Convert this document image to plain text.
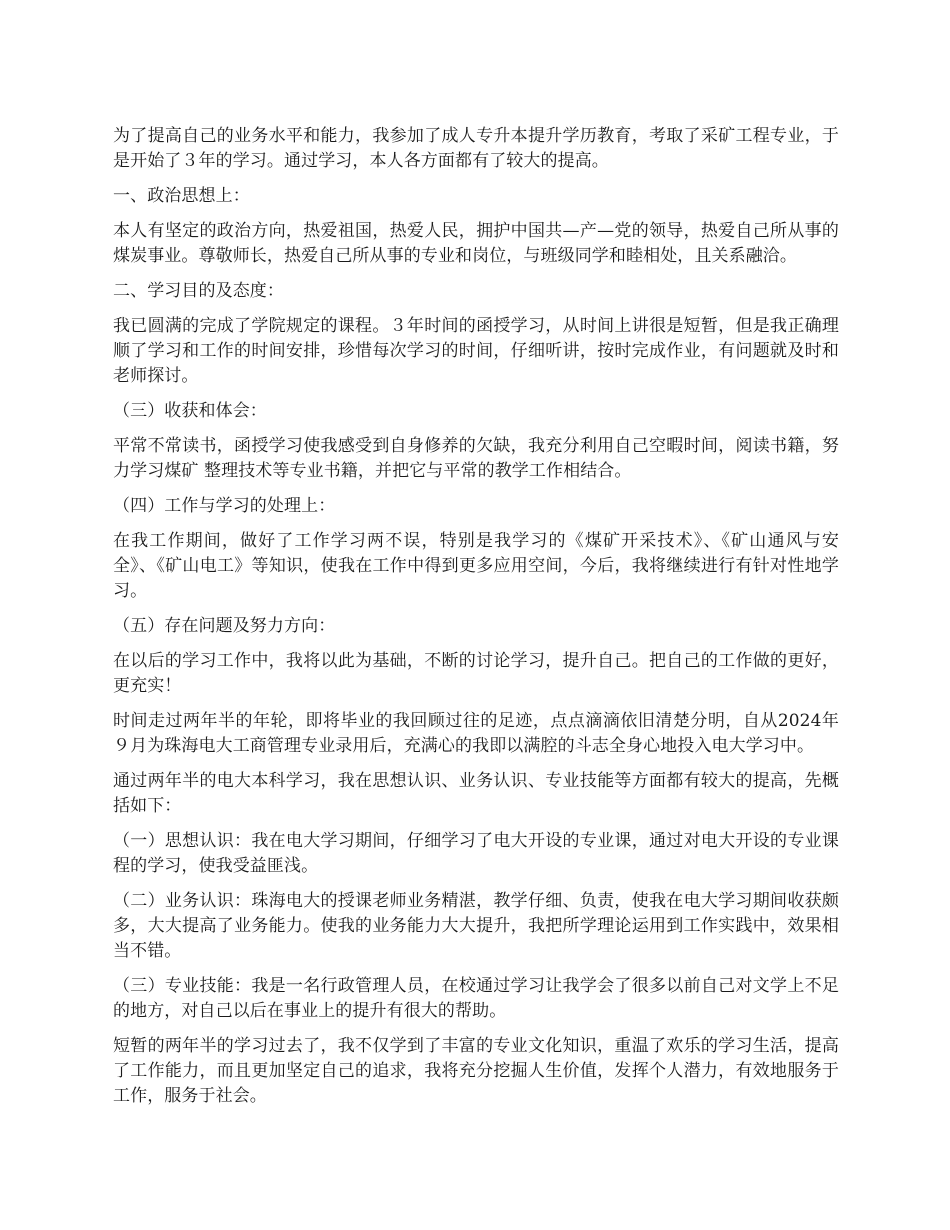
为了提高自己的业务水平和能力，我参加了成人专升本提升学历教育，考取了采矿工程专业，于是开始了３年的学习。通过学习，本人各方面都有了较大的提高。

一、政治思想上：

本人有坚定的政治方向，热爱祖国，热爱人民，拥护中国共—产—党的领导，热爱自己所从事的煤炭事业。尊敬师长，热爱自己所从事的专业和岗位，与班级同学和睦相处，且关系融洽。

二、学习目的及态度：

我已圆满的完成了学院规定的课程。３年时间的函授学习，从时间上讲很是短暂，但是我正确理顺了学习和工作的时间安排，珍惜每次学习的时间，仔细听讲，按时完成作业，有问题就及时和老师探讨。

（三）收获和体会：

平常不常读书，函授学习使我感受到自身修养的欠缺，我充分利用自己空暇时间，阅读书籍，努力学习煤矿 整理技术等专业书籍，并把它与平常的教学工作相结合。

（四）工作与学习的处理上：

在我工作期间，做好了工作学习两不误，特别是我学习的《煤矿开采技术》、《矿山通风与安全》、《矿山电工》等知识，使我在工作中得到更多应用空间，今后，我将继续进行有针对性地学习。

（五）存在问题及努力方向：

在以后的学习工作中，我将以此为基础，不断的讨论学习，提升自己。把自己的工作做的更好，更充实！

时间走过两年半的年轮，即将毕业的我回顾过往的足迹，点点滴滴依旧清楚分明，自从2024年９月为珠海电大工商管理专业录用后，充满心的我即以满腔的斗志全身心地投入电大学习中。

通过两年半的电大本科学习，我在思想认识、业务认识、专业技能等方面都有较大的提高，先概括如下：

（一）思想认识：我在电大学习期间，仔细学习了电大开设的专业课，通过对电大开设的专业课程的学习，使我受益匪浅。

（二）业务认识：珠海电大的授课老师业务精湛，教学仔细、负责，使我在电大学习期间收获颇多，大大提高了业务能力。使我的业务能力大大提升，我把所学理论运用到工作实践中，效果相当不错。

（三）专业技能：我是一名行政管理人员，在校通过学习让我学会了很多以前自己对文学上不足的地方，对自己以后在事业上的提升有很大的帮助。

短暂的两年半的学习过去了，我不仅学到了丰富的专业文化知识，重温了欢乐的学习生活，提高了工作能力，而且更加坚定自己的追求，我将充分挖掘人生价值，发挥个人潜力，有效地服务于工作，服务于社会。
